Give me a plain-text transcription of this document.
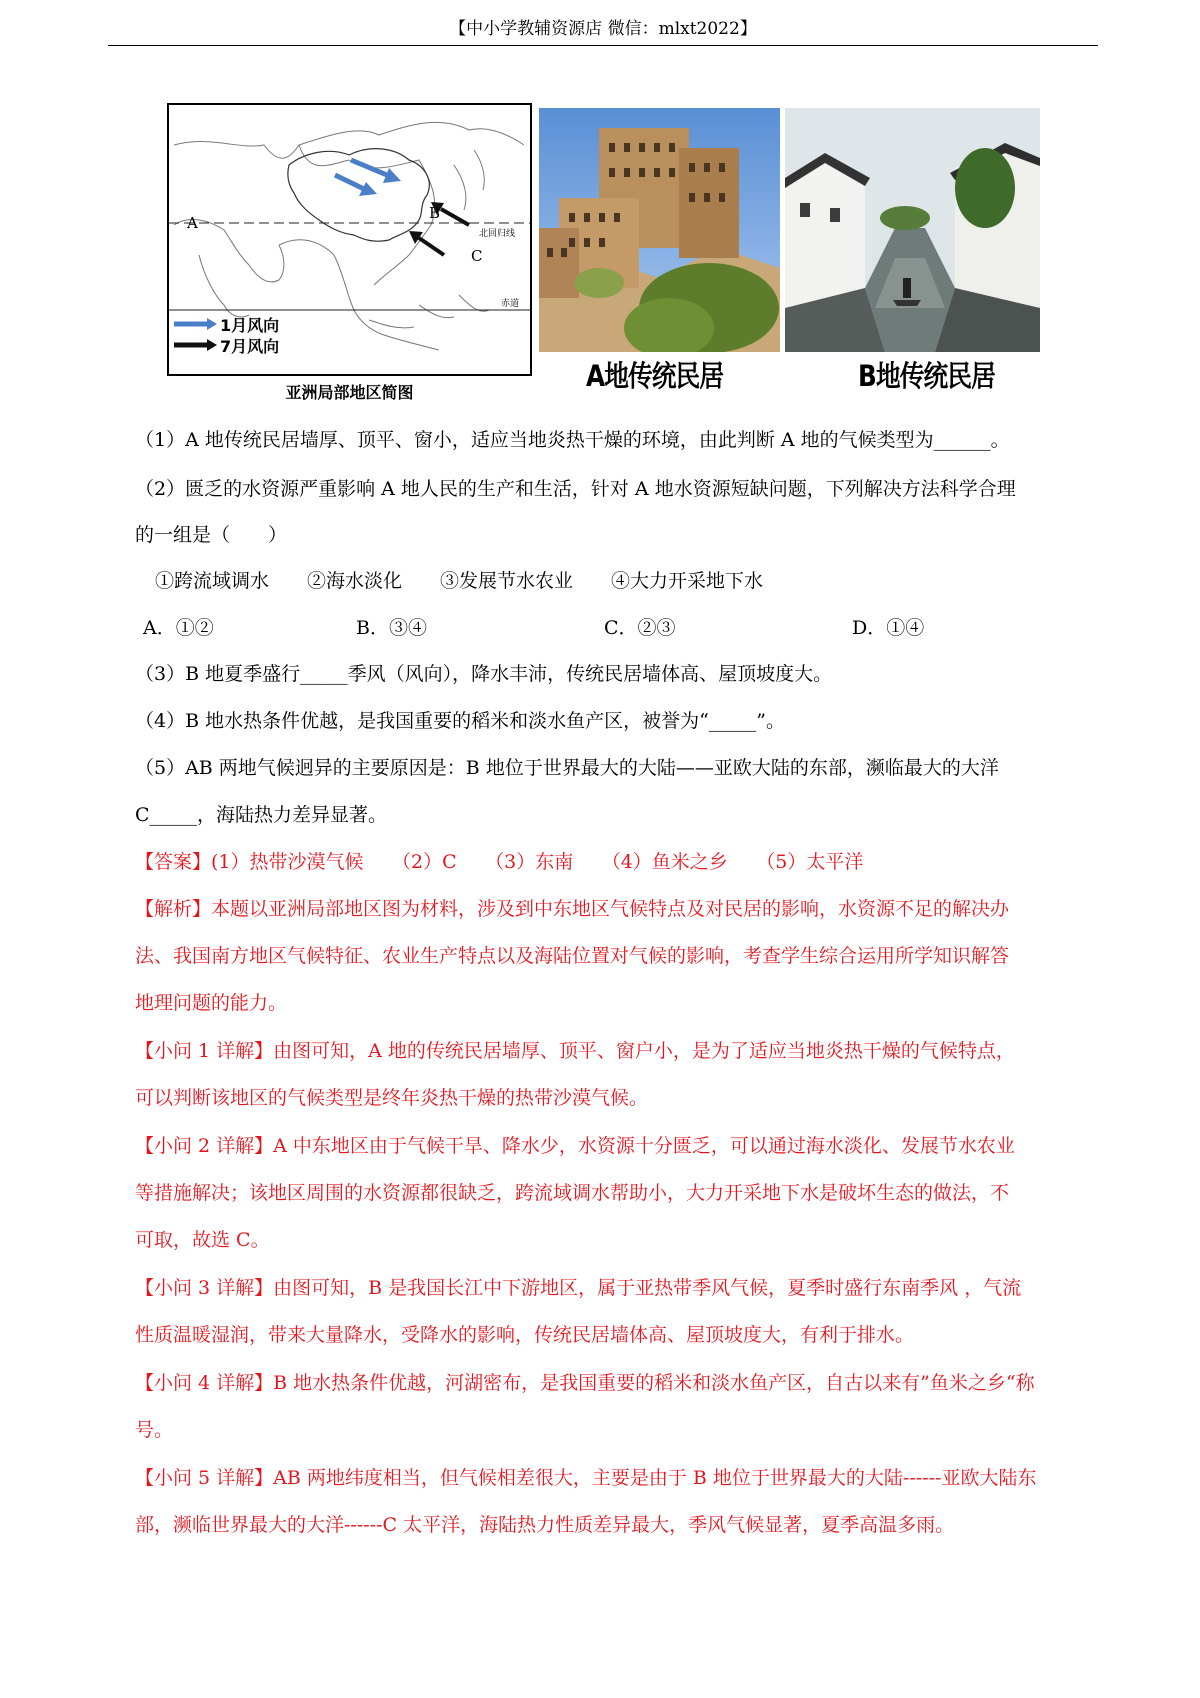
【中小学教辅资源店 微信：mlxt2022】
A
B
C
北回归线
赤道
1月风向
7月风向
亚洲局部地区简图	A地传统民居	B地传统民居
（1）A 地传统民居墙厚、顶平、窗小，适应当地炎热干燥的环境，由此判断 A 地的气候类型为______。
（2）匮乏的水资源严重影响 A 地人民的生产和生活，针对 A 地水资源短缺问题，下列解决方法科学合理
的一组是（　　）
①跨流域调水　　②海水淡化　　③发展节水农业　　④大力开采地下水
A．①②	B．③④	C．②③	D．①④
（3）B 地夏季盛行_____季风（风向），降水丰沛，传统民居墙体高、屋顶坡度大。
（4）B 地水热条件优越，是我国重要的稻米和淡水鱼产区，被誉为“_____”。
（5）AB 两地气候迥异的主要原因是：B 地位于世界最大的大陆——亚欧大陆的东部，濒临最大的大洋
C_____，海陆热力差异显著。
【答案】(1）热带沙漠气候　　（2）C　　（3）东南　　（4）鱼米之乡　　（5）太平洋
【解析】本题以亚洲局部地区图为材料，涉及到中东地区气候特点及对民居的影响，水资源不足的解决办
法、我国南方地区气候特征、农业生产特点以及海陆位置对气候的影响，考查学生综合运用所学知识解答
地理问题的能力。
【小问 1 详解】由图可知，A 地的传统民居墙厚、顶平、窗户小，是为了适应当地炎热干燥的气候特点，
可以判断该地区的气候类型是终年炎热干燥的热带沙漠气候。
【小问 2 详解】A 中东地区由于气候干旱、降水少，水资源十分匮乏，可以通过海水淡化、发展节水农业
等措施解决；该地区周围的水资源都很缺乏，跨流域调水帮助小，大力开采地下水是破坏生态的做法，不
可取，故选 C。
【小问 3 详解】由图可知，B 是我国长江中下游地区，属于亚热带季风气候，夏季时盛行东南季风 ，气流
性质温暖湿润，带来大量降水，受降水的影响，传统民居墙体高、屋顶坡度大，有利于排水。
【小问 4 详解】B 地水热条件优越，河湖密布，是我国重要的稻米和淡水鱼产区，自古以来有”鱼米之乡“称
号。
【小问 5 详解】AB 两地纬度相当，但气候相差很大，主要是由于 B 地位于世界最大的大陆------亚欧大陆东
部，濒临世界最大的大洋------C 太平洋，海陆热力性质差异最大，季风气候显著，夏季高温多雨。
